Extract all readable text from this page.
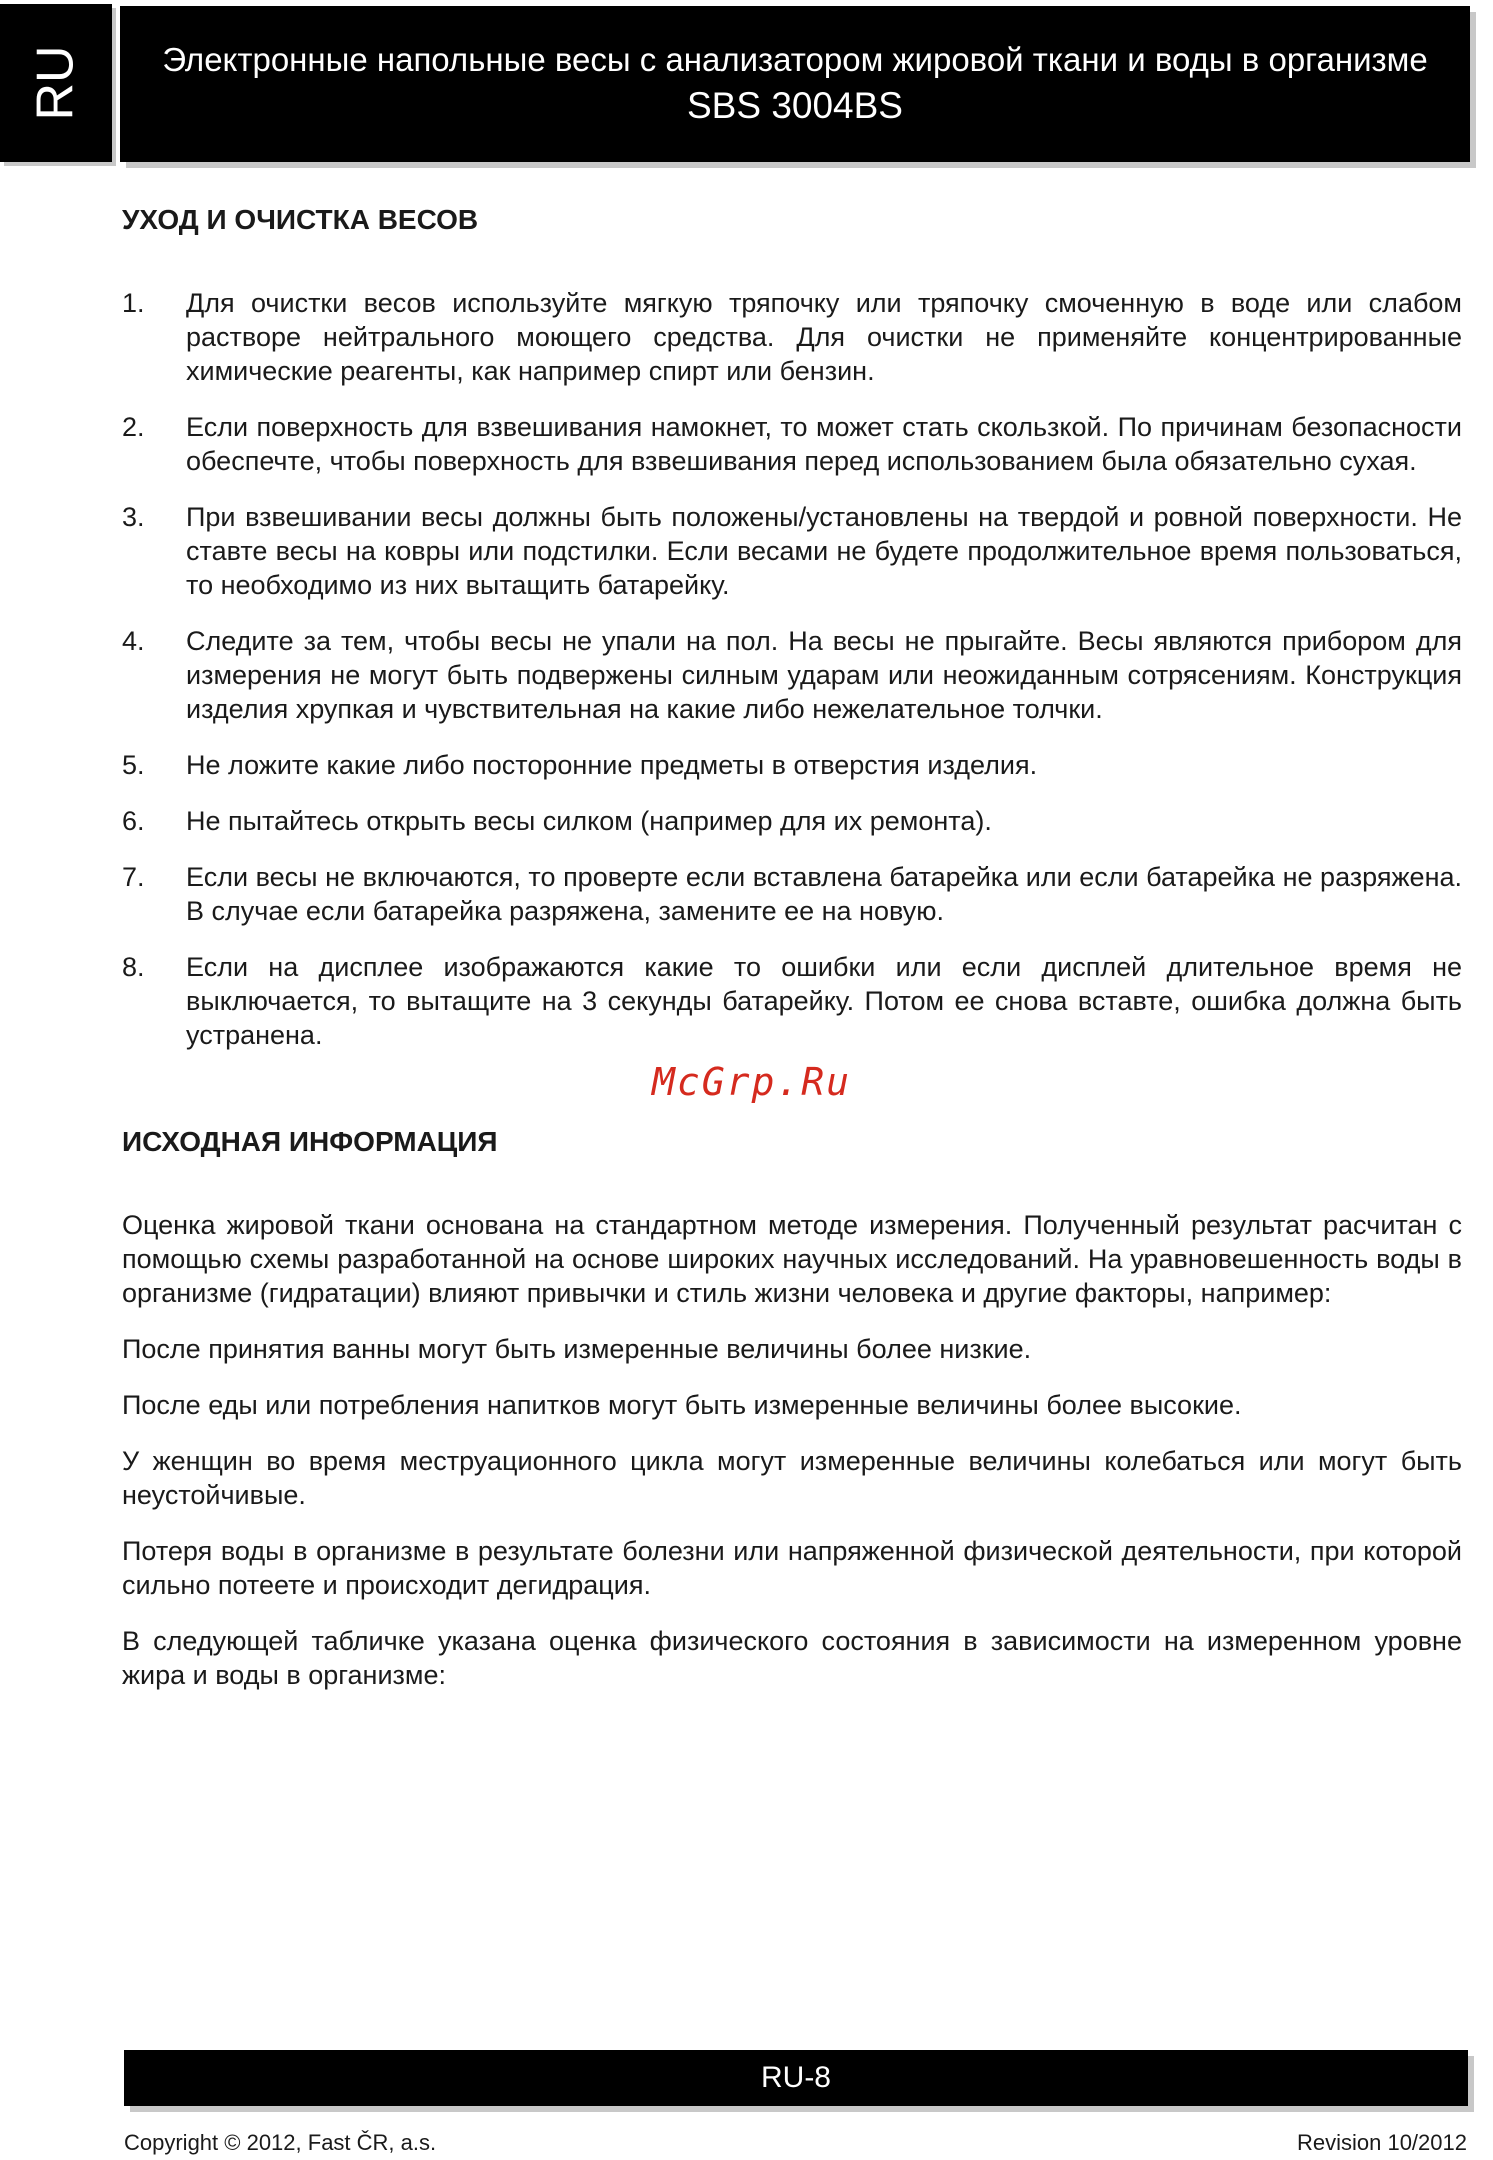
RU	Электронные напольные весы с анализатором жировой ткани и воды в организме
SBS 3004BS
УХОД И ОЧИСТКА ВЕСОВ
1. Для очистки весов используйте мягкую тряпочку или тряпочку смоченную в воде или слабом растворе нейтрального моющего средства. Для очистки не применяйте концентрированные химические реагенты, как например спирт или бензин.
2. Если поверхность для взвешивания намокнет, то может стать скользкой. По причинам безопасности обеспечте, чтобы поверхность для взвешивания перед использованием была обязательно сухая.
3. При взвешивании весы должны быть положены/установлены на твердой и ровной поверхности. Не ставте весы на ковры или подстилки. Если весами не будете продолжительное время пользоваться, то необходимо из них вытащить батарейку.
4. Следите за тем, чтобы весы не упали на пол. На весы не прыгайте. Весы являются прибором для измерения не могут быть подвержены силным ударам или неожиданным сотрясениям. Конструкция изделия хрупкая и чувствительная на какие либо нежелательное толчки.
5. Не ложите какие либо посторонние предметы в отверстия изделия.
6. Не пытайтесь открыть весы силком (например для их ремонта).
7. Если весы не включаются, то проверте если вставлена батарейка или если батарейка не разряжена. В случае если батарейка разряжена, замените ее на новую.
8. Если на дисплее изображаются какие то ошибки или если дисплей длительное время не выключается, то вытащите на 3 секунды батарейку. Потом ее снова вставте, ошибка должна быть устранена.
ИСХОДНАЯ ИНФОРМАЦИЯ

Оценка жировой ткани основана на стандартном методе измерения. Полученный результат расчитан с помощью схемы разработанной на основе широких научных исследований. На уравновешенность воды в организме (гидратации) влияют привычки и стиль жизни человека и другие факторы, например:

После принятия ванны могут быть измеренные величины более низкие.

После еды или потребления напитков могут быть измеренные величины более высокие.

У женщин во время меструационного цикла могут измеренные величины колебаться или могут быть неустойчивые.

Потеря воды в организме в результате болезни или напряженной физической деятельности, при которой сильно потеете и происходит дегидрация.

В следующей табличке указана оценка физического состояния в зависимости на измеренном уровне жира и воды в организме:

McGrp.Ru
RU-8
Copyright © 2012, Fast ČR, a.s.	Revision 10/2012
